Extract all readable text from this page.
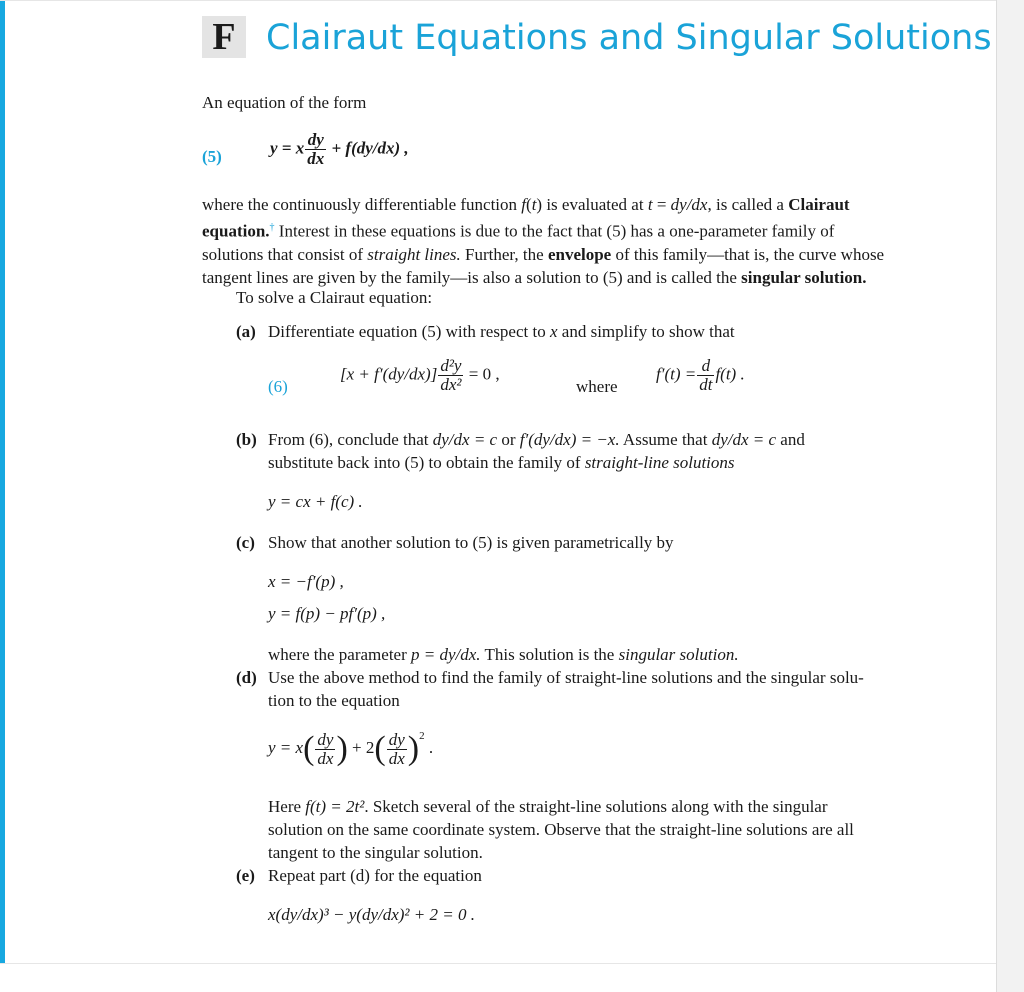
F Clairaut Equations and Singular Solutions
An equation of the form
(5)	y = x $\frac{dy}{dx} + f(dy/dx)$ ,
where the continuously differentiable function f(t) is evaluated at t = dy/dx, is called a Clairaut
equation.† Interest in these equations is due to the fact that (5) has a one-parameter family of
solutions that consist of straight lines. Further, the envelope of this family—that is, the curve whose
tangent lines are given by the family—is also a solution to (5) and is called the singular solution.
To solve a Clairaut equation:
(a) Differentiate equation (5) with respect to x and simplify to show that
(6)
$[x + f'(dy/dx)] \frac{\text{d²y}}{\text{dx²}} = 0$ ,
where
$f'(t) = \frac{d}{dt} f(t)$ .
(b) From (6), conclude that dy/dx = c or f′(dy/dx) = −x. Assume that dy/dx = c and
substitute back into (5) to obtain the family of straight-line solutions
y = cx + f(c) .
(c) Show that another solution to (5) is given parametrically by
x = −f′(p) ,
y = f(p) − pf′(p) ,
where the parameter p = dy/dx. This solution is the singular solution.
(d) Use the above method to find the family of straight-line solutions and the singular solu-
tion to the equation
$y = x( \frac{dy}{dx}$ ) + $2( \frac{dy}{dx} )^2$ .
Here f(t) = 2t². Sketch several of the straight-line solutions along with the singular
solution on the same coordinate system. Observe that the straight-line solutions are all
tangent to the singular solution.
(e) Repeat part (d) for the equation
x(dy/dx)³ − y(dy/dx)² + 2 = 0 .
